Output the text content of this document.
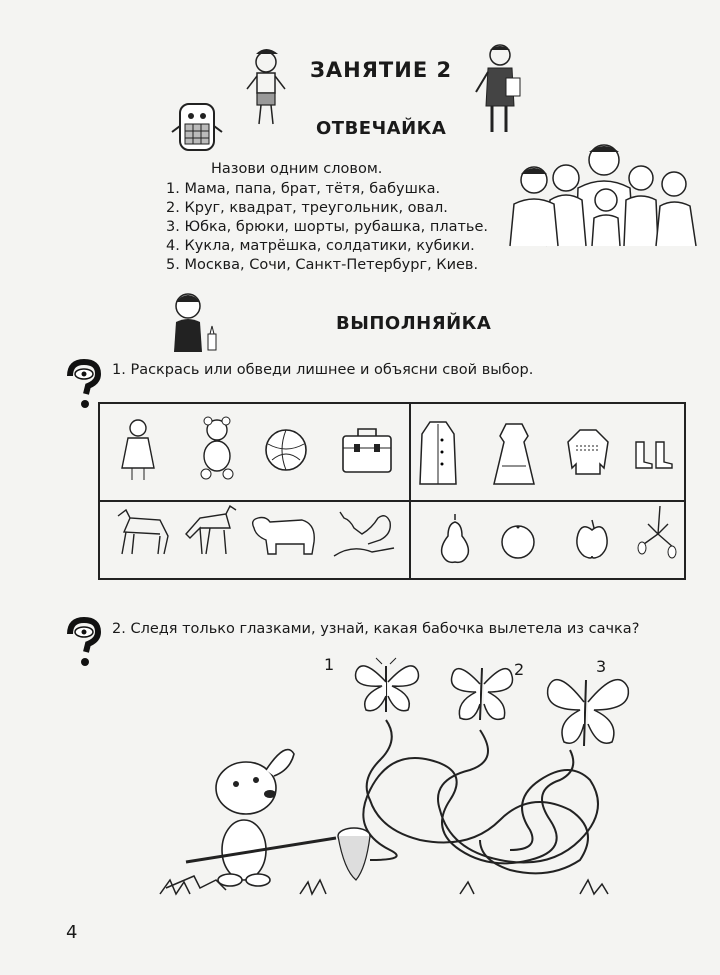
ЗАНЯТИЕ 2
ОТВЕЧАЙКА
Назови одним словом.
1. Мама, папа, брат, тётя, бабушка.
2. Круг, квадрат, треугольник, овал.
3. Юбка, брюки, шорты, рубашка, платье.
4. Кукла, матрёшка, солдатики, кубики.
5. Москва, Сочи, Санкт-Петербург, Киев.
ВЫПОЛНЯЙКА
1. Раскрась или обведи лишнее и объясни свой выбор.
2. Следя только глазками, узнай, какая бабочка вылетела из сачка?
1	2	3
4
